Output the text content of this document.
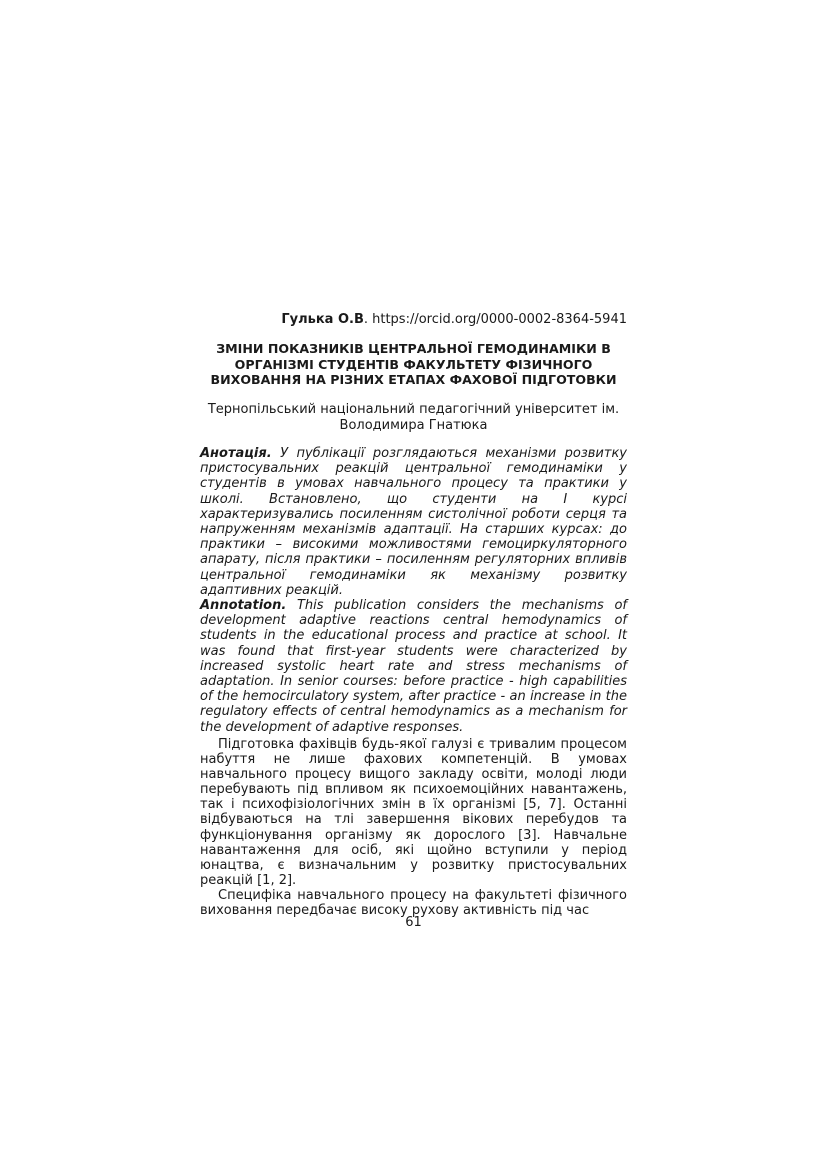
Гулька О.В. https://orcid.org/0000-0002-8364-5941
ЗМІНИ ПОКАЗНИКІВ ЦЕНТРАЛЬНОЇ ГЕМОДИНАМІКИ В ОРГАНІЗМІ СТУДЕНТІВ ФАКУЛЬТЕТУ ФІЗИЧНОГО ВИХОВАННЯ НА РІЗНИХ ЕТАПАХ ФАХОВОЇ ПІДГОТОВКИ
Тернопільський національний педагогічний університет ім.
Володимира Гнатюка

Анотація. У публікації розглядаються механізми розвитку пристосувальних реакцій центральної гемодинаміки у студентів в умовах навчального процесу та практики у школі. Встановлено, що студенти на I курсі характеризувались посиленням систолічної роботи серця та напруженням механізмів адаптації. На старших курсах: до практики – високими можливостями гемоциркуляторного апарату, після практики – посиленням регуляторних впливів центральної гемодинаміки як механізму розвитку адаптивних реакцій.

Annotation. This publication considers the mechanisms of development adaptive reactions central hemodynamics of students in the educational process and practice at school. It was found that first-year students were characterized by increased systolic heart rate and stress mechanisms of adaptation. In senior courses: before practice - high capabilities of the hemocirculatory system, after practice - an increase in the regulatory effects of central hemodynamics as a mechanism for the development of adaptive responses.

Підготовка фахівців будь-якої галузі є тривалим процесом набуття не лише фахових компетенцій. В умовах навчального процесу вищого закладу освіти, молоді люди перебувають під впливом як психоемоційних навантажень, так і психофізіологічних змін в їх організмі [5, 7]. Останні відбуваються на тлі завершення вікових перебудов та функціонування організму як дорослого [3]. Навчальне навантаження для осіб, які щойно вступили у період юнацтва, є визначальним у розвитку пристосувальних реакцій [1, 2].

Специфіка навчального процесу на факультеті фізичного виховання передбачає високу рухову активність під час

61
